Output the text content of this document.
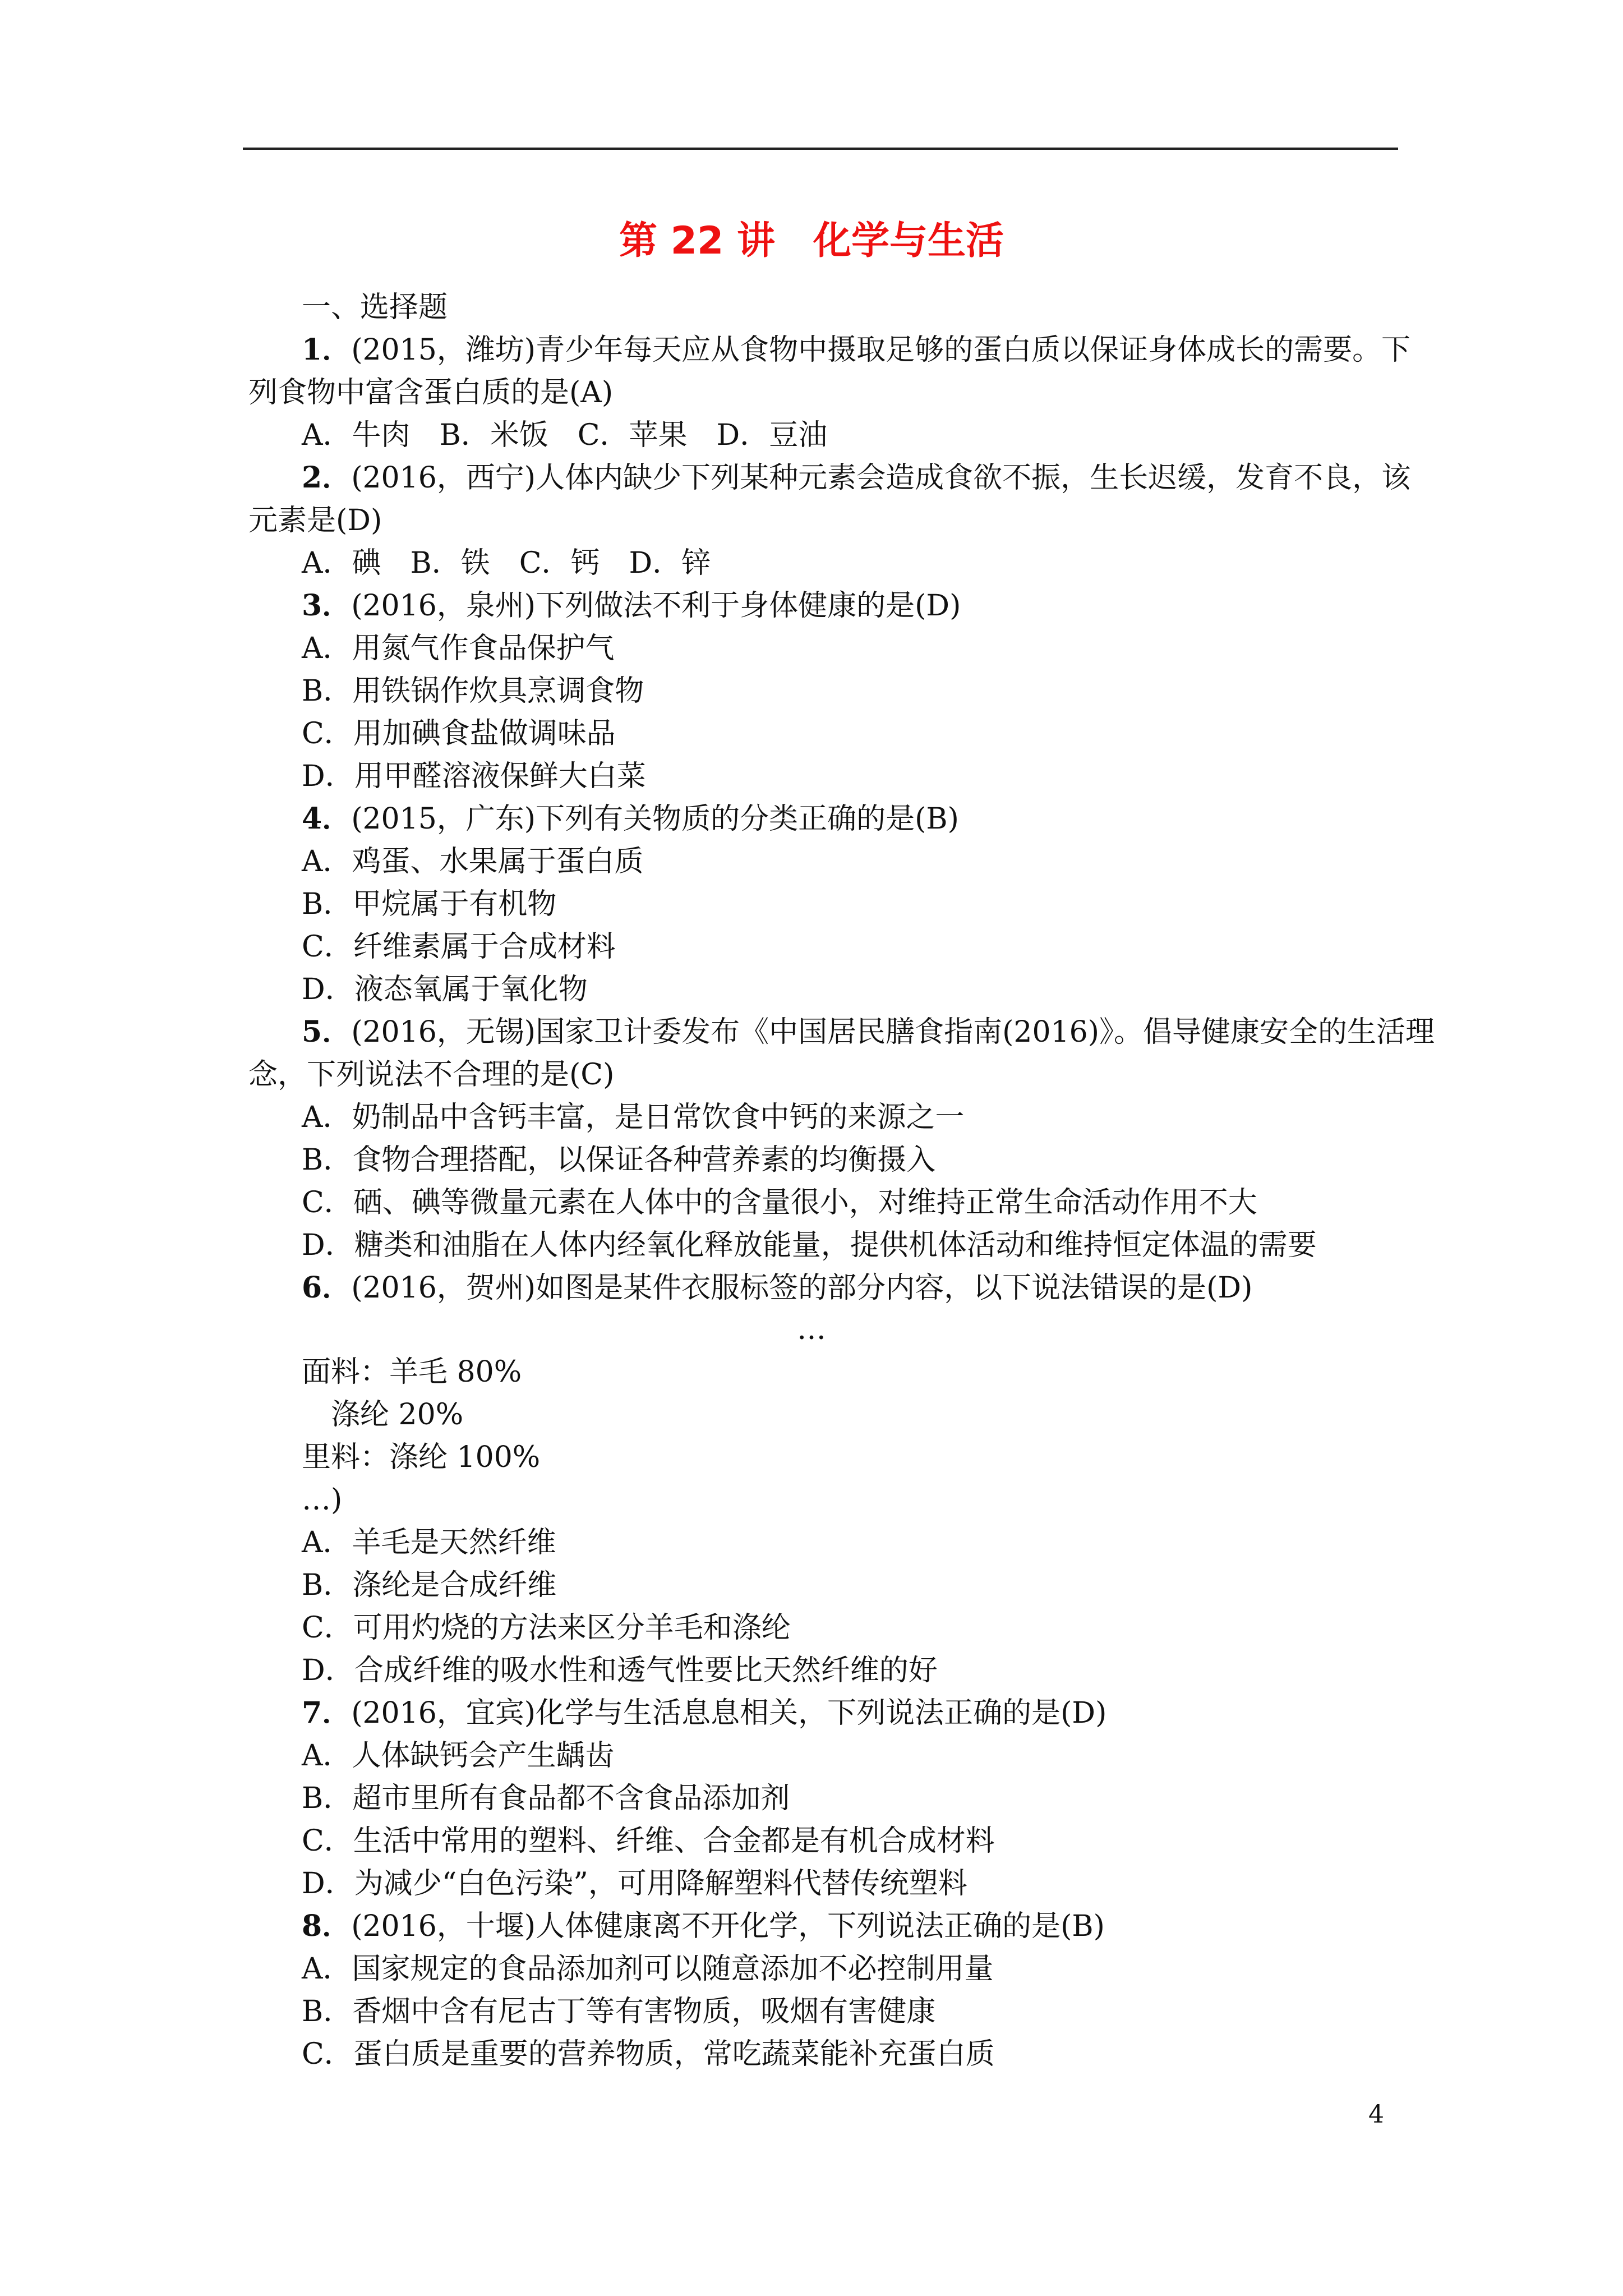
第 22 讲　化学与生活
一、选择题
1．(2015，潍坊)青少年每天应从食物中摄取足够的蛋白质以保证身体成长的需要。下
列食物中富含蛋白质的是(A)
A．牛肉　B．米饭　C．苹果　D．豆油
2．(2016，西宁)人体内缺少下列某种元素会造成食欲不振，生长迟缓，发育不良，该
元素是(D)
A．碘　B．铁　C．钙　D．锌
3．(2016，泉州)下列做法不利于身体健康的是(D)
A．用氮气作食品保护气
B．用铁锅作炊具烹调食物
C．用加碘食盐做调味品
D．用甲醛溶液保鲜大白菜
4．(2015，广东)下列有关物质的分类正确的是(B)
A．鸡蛋、水果属于蛋白质
B．甲烷属于有机物
C．纤维素属于合成材料
D．液态氧属于氧化物
5．(2016，无锡)国家卫计委发布《中国居民膳食指南(2016)》。倡导健康安全的生活理
念，下列说法不合理的是(C)
A．奶制品中含钙丰富，是日常饮食中钙的来源之一
B．食物合理搭配，以保证各种营养素的均衡摄入
C．硒、碘等微量元素在人体中的含量很小，对维持正常生命活动作用不大
D．糖类和油脂在人体内经氧化释放能量，提供机体活动和维持恒定体温的需要
6．(2016，贺州)如图是某件衣服标签的部分内容，以下说法错误的是(D)
…
面料：羊毛 80%
涤纶 20%
里料：涤纶 100%
…)
A．羊毛是天然纤维
B．涤纶是合成纤维
C．可用灼烧的方法来区分羊毛和涤纶
D．合成纤维的吸水性和透气性要比天然纤维的好
7．(2016，宜宾)化学与生活息息相关，下列说法正确的是(D)
A．人体缺钙会产生龋齿
B．超市里所有食品都不含食品添加剂
C．生活中常用的塑料、纤维、合金都是有机合成材料
D．为减少“白色污染”，可用降解塑料代替传统塑料
8．(2016，十堰)人体健康离不开化学，下列说法正确的是(B)
A．国家规定的食品添加剂可以随意添加不必控制用量
B．香烟中含有尼古丁等有害物质，吸烟有害健康
C．蛋白质是重要的营养物质，常吃蔬菜能补充蛋白质
4
